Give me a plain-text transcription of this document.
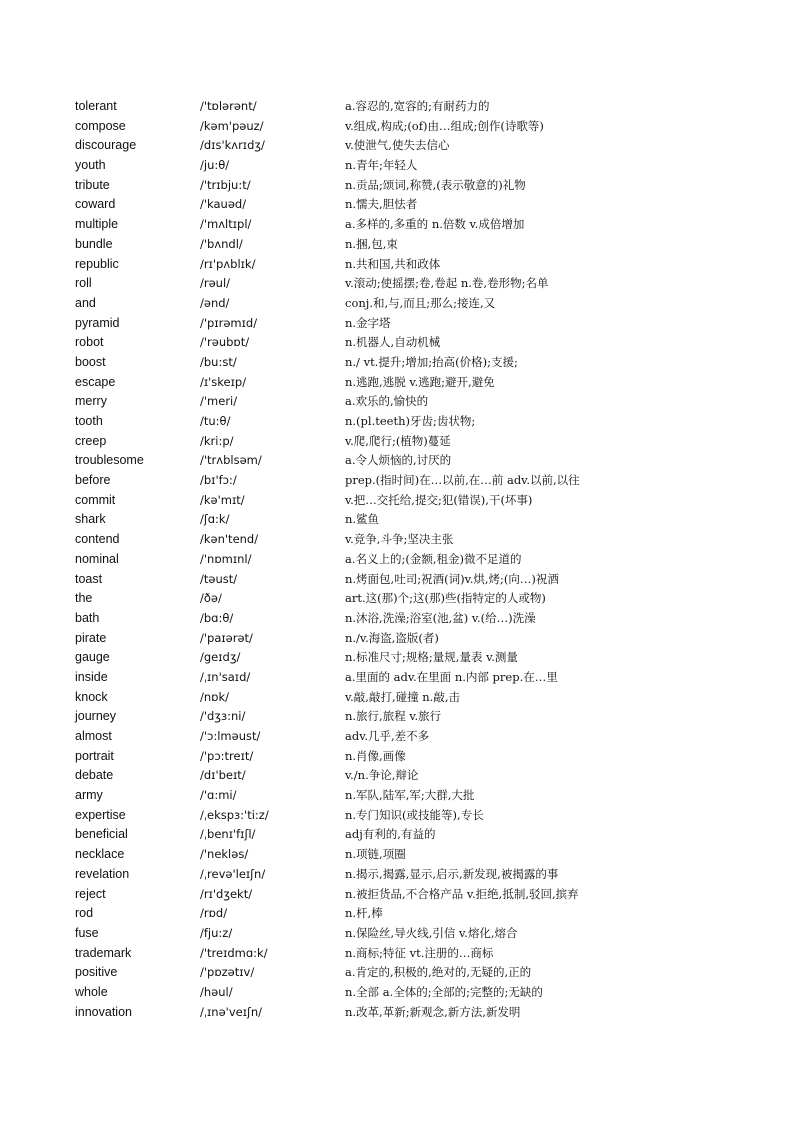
tolerant	/'tɒlərənt/	a.容忍的,宽容的;有耐药力的
compose	/kəm'pəuz/	v.组成,构成;(of)由…组成;创作(诗歌等)
discourage	/dɪs'kʌrɪdʒ/	v.使泄气,使失去信心
youth	/ju:θ/	n.青年;年轻人
tribute	/'trɪbju:t/	n.贡品;颂词,称赞,(表示敬意的)礼物
coward	/'kauəd/	n.懦夫,胆怯者
multiple	/'mʌltɪpl/	a.多样的,多重的 n.倍数 v.成倍增加
bundle	/'bʌndl/	n.捆,包,束
republic	/rɪ'pʌblɪk/	n.共和国,共和政体
roll	/rəul/	v.滚动;使摇摆;卷,卷起 n.卷,卷形物;名单
and	/ənd/	conj.和,与,而且;那么;接连,又
pyramid	/'pɪrəmɪd/	n.金字塔
robot	/'rəubɒt/	n.机器人,自动机械
boost	/bu:st/	n./ vt.提升;增加;抬高(价格);支援;
escape	/ɪ'skeɪp/	n.逃跑,逃脱 v.逃跑;避开,避免
merry	/'meri/	a.欢乐的,愉快的
tooth	/tu:θ/	n.(pl.teeth)牙齿;齿状物;
creep	/kri:p/	v.爬,爬行;(植物)蔓延
troublesome	/'trʌblsəm/	a.令人烦恼的,讨厌的
before	/bɪ'fɔ:/	prep.(指时间)在…以前,在…前 adv.以前,以往
commit	/kə'mɪt/	v.把…交托给,提交;犯(错误),干(坏事)
shark	/ʃɑ:k/	n.鲨鱼
contend	/kən'tend/	v.竞争,斗争;坚决主张
nominal	/'nɒmɪnl/	a.名义上的;(金额,租金)微不足道的
toast	/təust/	n.烤面包,吐司;祝酒(词)v.烘,烤;(向…)祝酒
the	/ðə/	art.这(那)个;这(那)些(指特定的人或物)
bath	/bɑ:θ/	n.沐浴,洗澡;浴室(池,盆) v.(给…)洗澡
pirate	/'paɪərət/	n./v.海盗,盗版(者)
gauge	/geɪdʒ/	n.标准尺寸;规格;量规,量表 v.测量
inside	/ˌɪn'saɪd/	a.里面的 adv.在里面 n.内部 prep.在…里
knock	/nɒk/	v.敲,敲打,碰撞 n.敲,击
journey	/'dʒɜ:ni/	n.旅行,旅程 v.旅行
almost	/'ɔ:lməust/	adv.几乎,差不多
portrait	/'pɔ:treɪt/	n.肖像,画像
debate	/dɪ'beɪt/	v./n.争论,辩论
army	/'ɑ:mi/	n.军队,陆军,军;大群,大批
expertise	/ˌekspɜ:'ti:z/	n.专门知识(或技能等),专长
beneficial	/ˌbenɪ'fɪʃl/	adj有利的,有益的
necklace	/'nekləs/	n.项链,项圈
revelation	/ˌrevə'leɪʃn/	n.揭示,揭露,显示,启示,新发现,被揭露的事
reject	/rɪ'dʒekt/	n.被拒货品,不合格产品 v.拒绝,抵制,驳回,摈弃
rod	/rɒd/	n.杆,棒
fuse	/fju:z/	n.保险丝,导火线,引信 v.熔化,熔合
trademark	/'treɪdmɑ:k/	n.商标;特征 vt.注册的…商标
positive	/'pɒzətɪv/	a.肯定的,积极的,绝对的,无疑的,正的
whole	/həul/	n.全部 a.全体的;全部的;完整的;无缺的
innovation	/ˌɪnə'veɪʃn/	n.改革,革新;新观念,新方法,新发明
